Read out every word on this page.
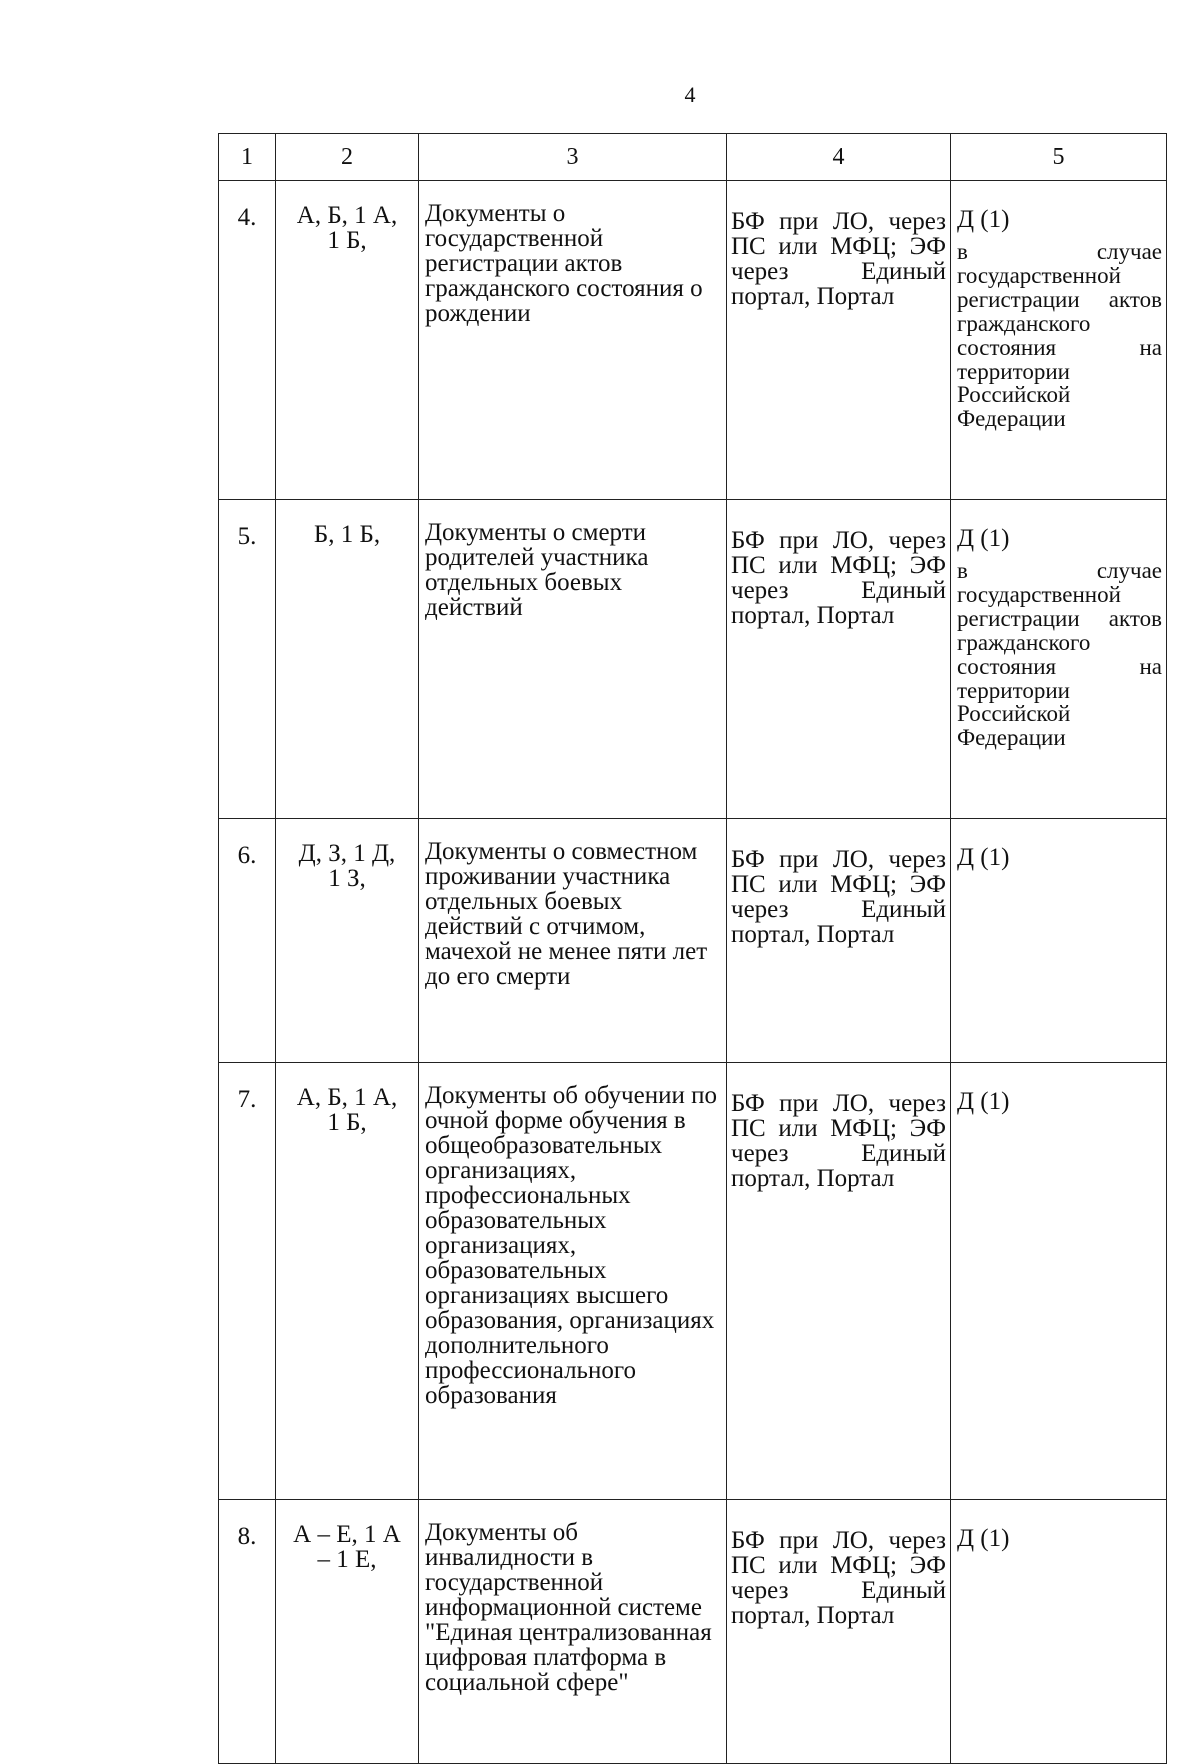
4
1	2	3	4	5
4.	А, Б, 1 А, 1 Б,	Документы о государственной регистрации актов гражданского состояния о рождении	БФ при ЛО, через ПС или МФЦ; ЭФ через Единый портал, Портал	Д (1)
в случае государственной регистрации актов гражданского состояния на территории Российской Федерации

5.	Б, 1 Б,	Документы о смерти родителей участника отдельных боевых действий	БФ при ЛО, через ПС или МФЦ; ЭФ через Единый портал, Портал	Д (1)
в случае государственной регистрации актов гражданского состояния на территории Российской Федерации

6.	Д, З, 1 Д, 1 З,	Документы о совместном проживании участника отдельных боевых действий с отчимом, мачехой не менее пяти лет до его смерти	БФ при ЛО, через ПС или МФЦ; ЭФ через Единый портал, Портал	Д (1)

7.	А, Б, 1 А, 1 Б,	Документы об обучении по очной форме обучения в общеобразовательных организациях, профессиональных образовательных организациях, образовательных организациях высшего образования, организациях дополнительного профессионального образования	БФ при ЛО, через ПС или МФЦ; ЭФ через Единый портал, Портал	Д (1)

8.	А – Е, 1 А – 1 Е,	Документы об инвалидности в государственной информационной системе "Единая централизованная цифровая платформа в социальной сфере"	БФ при ЛО, через ПС или МФЦ; ЭФ через Единый портал, Портал	Д (1)
